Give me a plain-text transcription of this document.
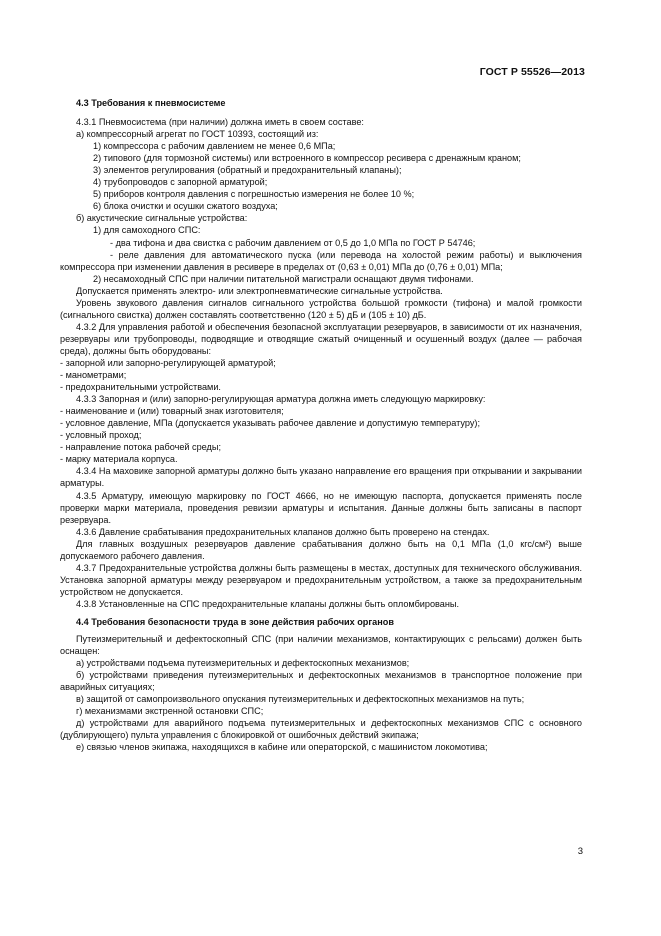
ГОСТ Р 55526—2013

4.3 Требования к пневмосистеме

4.3.1 Пневмосистема (при наличии) должна иметь в своем составе:

а) компрессорный агрегат по ГОСТ 10393, состоящий из:

1) компрессора с рабочим давлением не менее 0,6 МПа;

2) типового (для тормозной системы) или встроенного в компрессор ресивера с дренажным краном;

3) элементов регулирования (обратный и предохранительный клапаны);

4) трубопроводов с запорной арматурой;

5) приборов контроля давления с погрешностью измерения не более 10 %;

6) блока очистки и осушки сжатого воздуха;

б) акустические сигнальные устройства:

1) для самоходного СПС:

- два тифона и два свистка с рабочим давлением от 0,5 до 1,0 МПа по ГОСТ Р 54746;

- реле давления для автоматического пуска (или перевода на холостой режим работы) и выключения компрессора при изменении давления в ресивере в пределах от (0,63 ± 0,01) МПа до (0,76 ± 0,01) МПа;

2) несамоходный СПС при наличии питательной магистрали оснащают двумя тифонами.

Допускается применять электро- или электропневматические сигнальные устройства.

Уровень звукового давления сигналов сигнального устройства большой громкости (тифона) и малой громкости (сигнального свистка) должен составлять соответственно (120 ± 5) дБ и (105 ± 10) дБ.

4.3.2 Для управления работой и обеспечения безопасной эксплуатации резервуаров, в зависимости от их назначения, резервуары или трубопроводы, подводящие и отводящие сжатый очищенный и осушенный воздух (далее — рабочая среда), должны быть оборудованы:

- запорной или запорно-регулирующей арматурой;

- манометрами;

- предохранительными устройствами.

4.3.3 Запорная и (или) запорно-регулирующая арматура должна иметь следующую маркировку:

- наименование и (или) товарный знак изготовителя;

- условное давление, МПа (допускается указывать рабочее давление и допустимую температуру);

- условный проход;

- направление потока рабочей среды;

- марку материала корпуса.

4.3.4 На маховике запорной арматуры должно быть указано направление его вращения при открывании и закрывании арматуры.

4.3.5 Арматуру, имеющую маркировку по ГОСТ 4666, но не имеющую паспорта, допускается применять после проверки марки материала, проведения ревизии арматуры и испытания. Данные должны быть записаны в паспорт резервуара.

4.3.6 Давление срабатывания предохранительных клапанов должно быть проверено на стендах.

Для главных воздушных резервуаров давление срабатывания должно быть на 0,1 МПа (1,0 кгс/см²) выше допускаемого рабочего давления.

4.3.7 Предохранительные устройства должны быть размещены в местах, доступных для технического обслуживания. Установка запорной арматуры между резервуаром и предохранительным устройством, а также за предохранительным устройством не допускается.

4.3.8 Установленные на СПС предохранительные клапаны должны быть опломбированы.

4.4 Требования безопасности труда в зоне действия рабочих органов

Путеизмерительный и дефектоскопный СПС (при наличии механизмов, контактирующих с рельсами) должен быть оснащен:

а) устройствами подъема путеизмерительных и дефектоскопных механизмов;

б) устройствами приведения путеизмерительных и дефектоскопных механизмов в транспортное положение при аварийных ситуациях;

в) защитой от самопроизвольного опускания путеизмерительных и дефектоскопных механизмов на путь;

г) механизмами экстренной остановки СПС;

д) устройствами для аварийного подъема путеизмерительных и дефектоскопных механизмов СПС с основного (дублирующего) пульта управления с блокировкой от ошибочных действий экипажа;

е) связью членов экипажа, находящихся в кабине или операторской, с машинистом локомотива;

3
